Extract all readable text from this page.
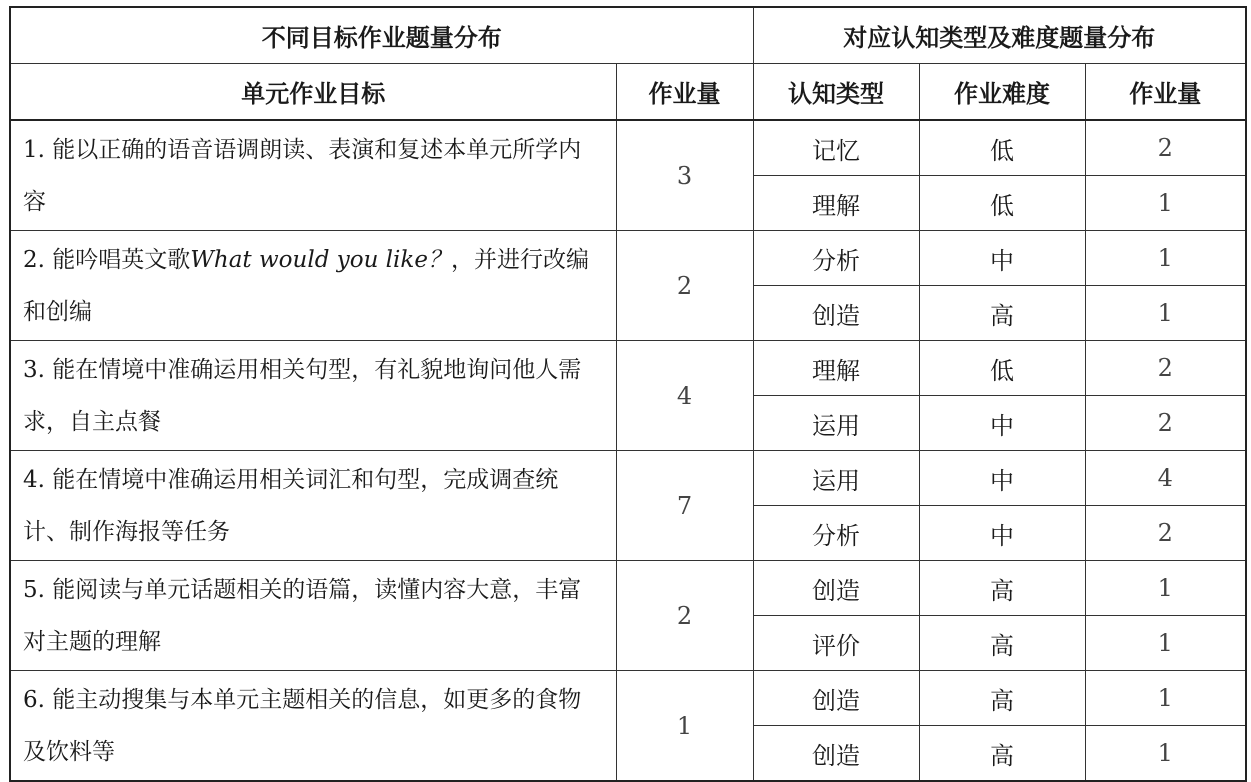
不同目标作业题量分布		对应认知类型及难度题量分布		
单元作业目标	作业量	认知类型	作业难度	作业量
1. 能以正确的语音语调朗读、表演和复述本单元所学内容	3	记忆	低	2
		理解	低	1
2. 能吟唱英文歌What would you like？，并进行改编和创编	2	分析	中	1
		创造	高	1
3. 能在情境中准确运用相关句型，有礼貌地询问他人需求，自主点餐	4	理解	低	2
		运用	中	2
4. 能在情境中准确运用相关词汇和句型，完成调查统计、制作海报等任务	7	运用	中	4
		分析	中	2
5. 能阅读与单元话题相关的语篇，读懂内容大意，丰富对主题的理解	2	创造	高	1
		评价	高	1
6. 能主动搜集与本单元主题相关的信息，如更多的食物及饮料等	1	创造	高	1
		创造	高	1
